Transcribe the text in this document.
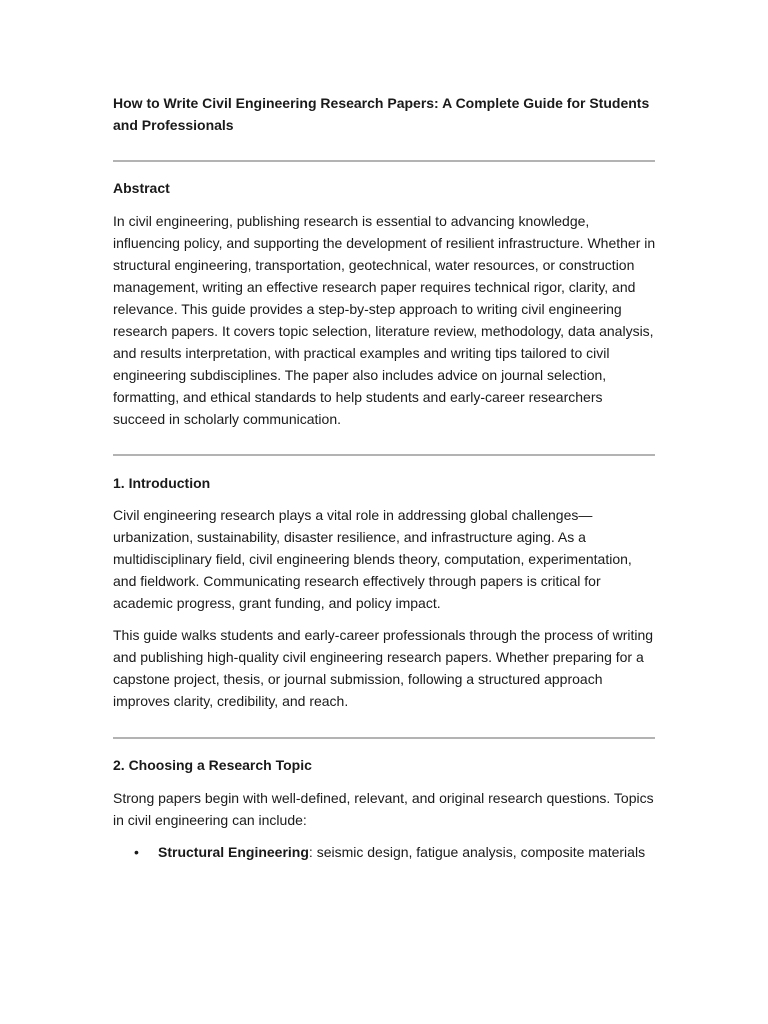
How to Write Civil Engineering Research Papers: A Complete Guide for Students and Professionals

Abstract

In civil engineering, publishing research is essential to advancing knowledge, influencing policy, and supporting the development of resilient infrastructure. Whether in structural engineering, transportation, geotechnical, water resources, or construction management, writing an effective research paper requires technical rigor, clarity, and relevance. This guide provides a step-by-step approach to writing civil engineering research papers. It covers topic selection, literature review, methodology, data analysis, and results interpretation, with practical examples and writing tips tailored to civil engineering subdisciplines. The paper also includes advice on journal selection, formatting, and ethical standards to help students and early-career researchers succeed in scholarly communication.

1. Introduction

Civil engineering research plays a vital role in addressing global challenges—urbanization, sustainability, disaster resilience, and infrastructure aging. As a multidisciplinary field, civil engineering blends theory, computation, experimentation, and fieldwork. Communicating research effectively through papers is critical for academic progress, grant funding, and policy impact.

This guide walks students and early-career professionals through the process of writing and publishing high-quality civil engineering research papers. Whether preparing for a capstone project, thesis, or journal submission, following a structured approach improves clarity, credibility, and reach.

2. Choosing a Research Topic

Strong papers begin with well-defined, relevant, and original research questions. Topics in civil engineering can include:

• Structural Engineering: seismic design, fatigue analysis, composite materials
